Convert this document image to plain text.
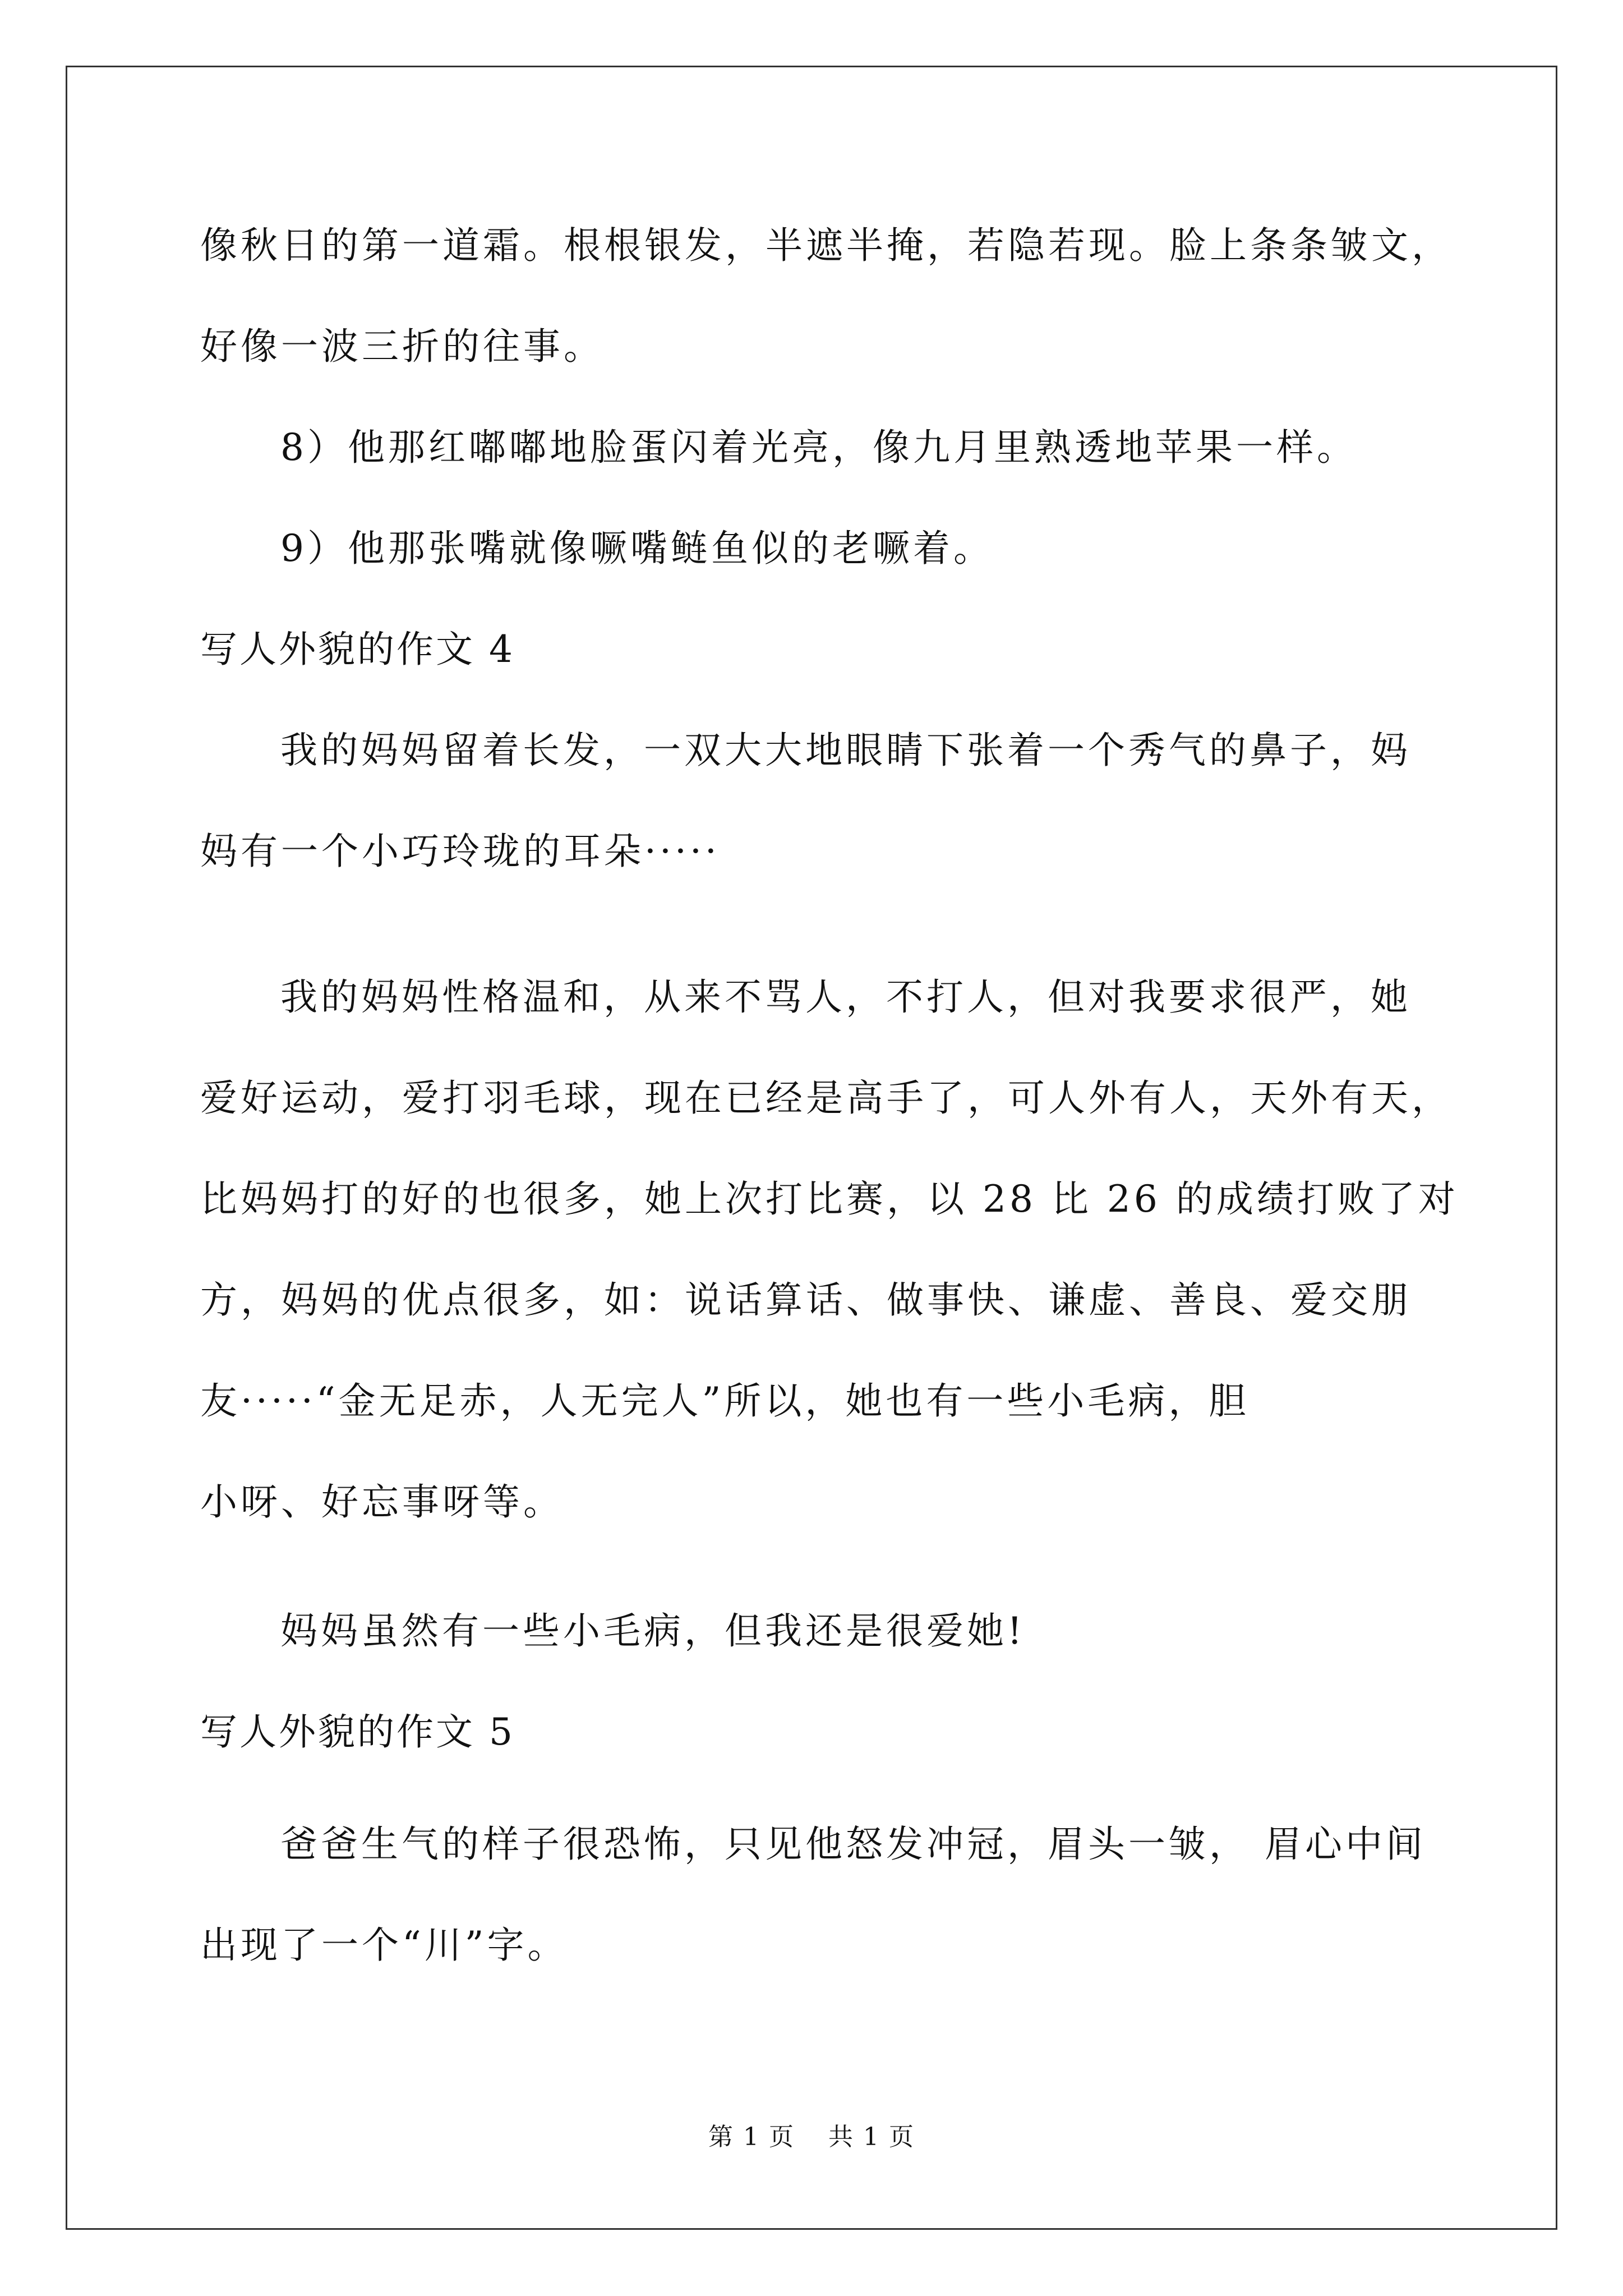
像秋日的第一道霜。根根银发，半遮半掩，若隐若现。脸上条条皱文，
好像一波三折的往事。
8）他那红嘟嘟地脸蛋闪着光亮，像九月里熟透地苹果一样。
9）他那张嘴就像噘嘴鲢鱼似的老噘着。
写人外貌的作文 4
我的妈妈留着长发，一双大大地眼睛下张着一个秀气的鼻子，妈
妈有一个小巧玲珑的耳朵·····
我的妈妈性格温和，从来不骂人，不打人，但对我要求很严，她
爱好运动，爱打羽毛球，现在已经是高手了，可人外有人，天外有天，
比妈妈打的好的也很多，她上次打比赛，以 28 比 26 的成绩打败了对
方，妈妈的优点很多，如：说话算话、做事快、谦虚、善良、爱交朋
友·····“金无足赤，人无完人”所以，她也有一些小毛病，胆
小呀、好忘事呀等。
妈妈虽然有一些小毛病，但我还是很爱她!
写人外貌的作文 5
爸爸生气的样子很恐怖，只见他怒发冲冠，眉头一皱， 眉心中间
出现了一个“川”字。
第 1 页 共 1 页
